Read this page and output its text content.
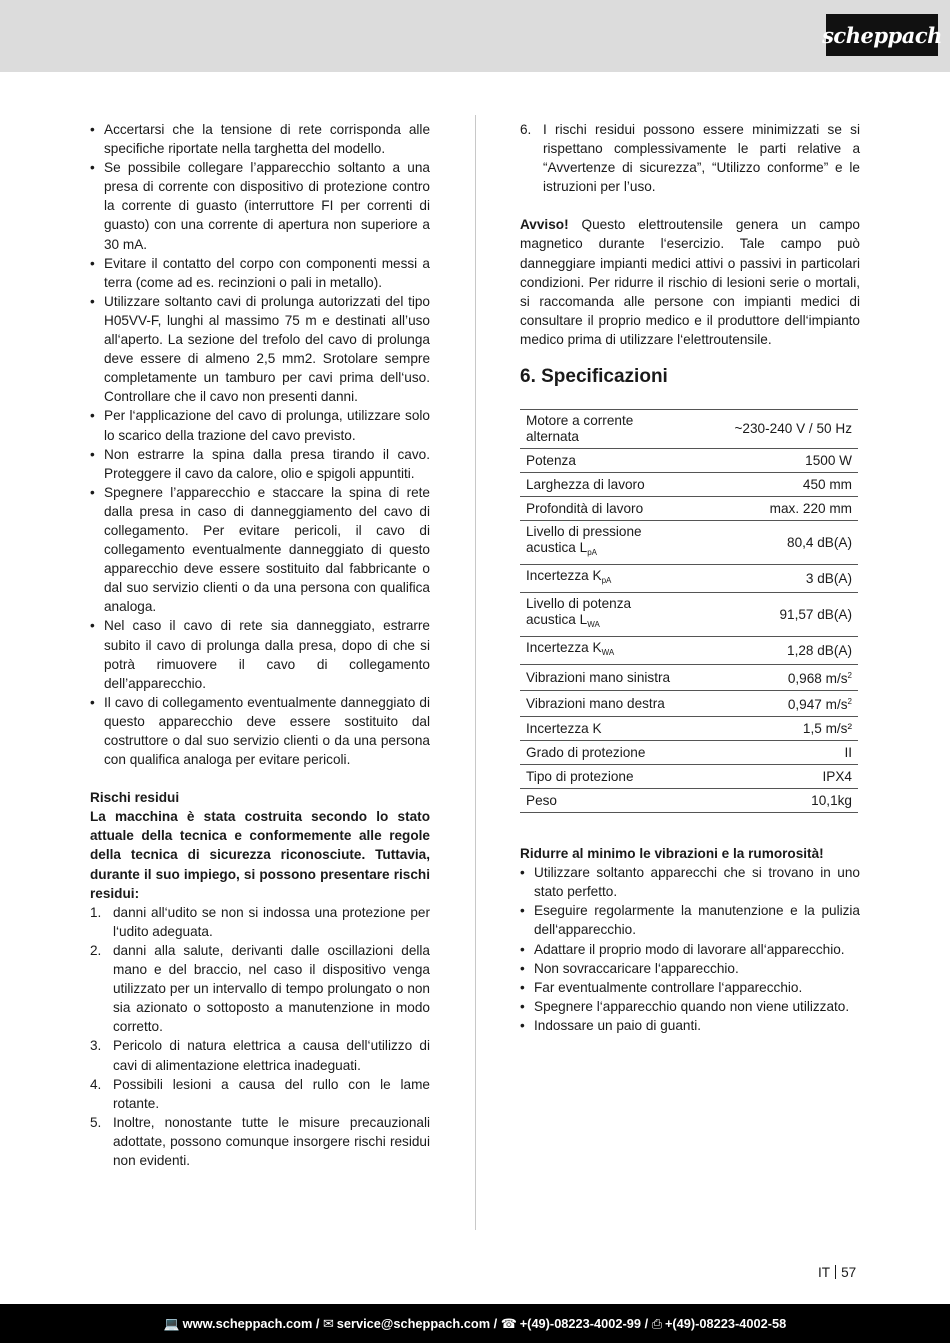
scheppach
• Accertarsi che la tensione di rete corrisponda alle specifiche riportate nella targhetta del modello.
• Se possibile collegare l’apparecchio soltanto a una presa di corrente con dispositivo di protezione contro la corrente di guasto (interruttore FI per correnti di guasto) con una corrente di apertura non superiore a 30 mA.
• Evitare il contatto del corpo con componenti messi a terra (come ad es. recinzioni o pali in metallo).
• Utilizzare soltanto cavi di prolunga autorizzati del tipo H05VV-F, lunghi al massimo 75 m e destinati all’uso all‘aperto. La sezione del trefolo del cavo di prolunga deve essere di almeno 2,5 mm2. Srotolare sempre completamente un tamburo per cavi prima dell‘uso. Controllare che il cavo non presenti danni.
• Per l‘applicazione del cavo di prolunga, utilizzare solo lo scarico della trazione del cavo previsto.
• Non estrarre la spina dalla presa tirando il cavo. Proteggere il cavo da calore, olio e spigoli appuntiti.
• Spegnere l’apparecchio e staccare la spina di rete dalla presa in caso di danneggiamento del cavo di collegamento. Per evitare pericoli, il cavo di collegamento eventualmente danneggiato di questo apparecchio deve essere sostituito dal fabbricante o dal suo servizio clienti o da una persona con qualifica analoga.
• Nel caso il cavo di rete sia danneggiato, estrarre subito il cavo di prolunga dalla presa, dopo di che si potrà rimuovere il cavo di collegamento dell’apparecchio.
• Il cavo di collegamento eventualmente danneggiato di questo apparecchio deve essere sostituito dal costruttore o dal suo servizio clienti o da una persona con qualifica analoga per evitare pericoli.
Rischi residui
La macchina è stata costruita secondo lo stato attuale della tecnica e conformemente alle regole della tecnica di sicurezza riconosciute. Tuttavia, durante il suo impiego, si possono presentare rischi residui:
1. danni all‘udito se non si indossa una protezione per l‘udito adeguata.
2. danni alla salute, derivanti dalle oscillazioni della mano e del braccio, nel caso il dispositivo venga utilizzato per un intervallo di tempo prolungato o non sia azionato o sottoposto a manutenzione in modo corretto.
3. Pericolo di natura elettrica a causa dell‘utilizzo di cavi di alimentazione elettrica inadeguati.
4. Possibili lesioni a causa del rullo con le lame rotante.
5. Inoltre, nonostante tutte le misure precauzionali adottate, possono comunque insorgere rischi residui non evidenti.
6. I rischi residui possono essere minimizzati se si rispettano complessivamente le parti relative a “Avvertenze di sicurezza”, “Utilizzo conforme” e le istruzioni per l’uso.

Avviso! Questo elettroutensile genera un campo magnetico durante l‘esercizio. Tale campo può danneggiare impianti medici attivi o passivi in particolari condizioni. Per ridurre il rischio di lesioni serie o mortali, si raccomanda alle persone con impianti medici di consultare il proprio medico e il produttore dell‘impianto medico prima di utilizzare l‘elettroutensile.

6. Specificazioni
Motore a corrente alternata	~230-240 V / 50 Hz
Potenza	1500 W
Larghezza di lavoro	450 mm
Profondità di lavoro	max. 220 mm
Livello di pressione acustica $L_{pA}$	80,4 dB(A)
Incertezza $K_{pA}$	3 dB(A)
Livello di potenza acustica $L_{WA}$	91,57 dB(A)
Incertezza $K_{WA}$	1,28 dB(A)
Vibrazioni mano sinistra	0,968 $m/s^2$
Vibrazioni mano destra	0,947 $m/s^2$
Incertezza K	1,5 m/s²
Grado di protezione	II
Tipo di protezione	IPX4
Peso	10,1kg
Ridurre al minimo le vibrazioni e la rumorosità!
• Utilizzare soltanto apparecchi che si trovano in uno stato perfetto.
• Eseguire regolarmente la manutenzione e la pulizia dell‘apparecchio.
• Adattare il proprio modo di lavorare all‘apparecchio.
• Non sovraccaricare l‘apparecchio.
• Far eventualmente controllare l‘apparecchio.
• Spegnere l‘apparecchio quando non viene utilizzato.
• Indossare un paio di guanti.
IT 57
💻 www.scheppach.com / ✉ service@scheppach.com / ☎ +(49)-08223-4002-99 / ⎙ +(49)-08223-4002-58
